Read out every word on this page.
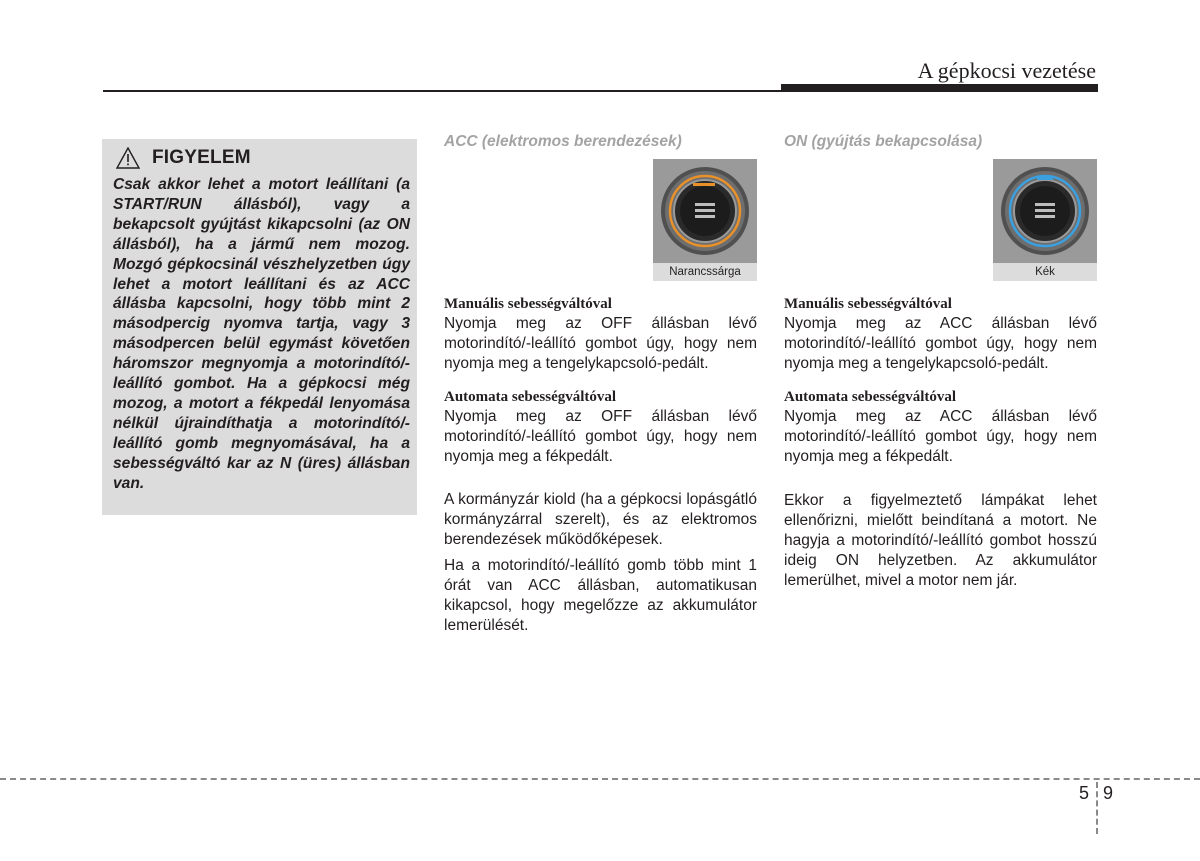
A gépkocsi vezetése
FIGYELEM

Csak akkor lehet a motort leállítani (a START/RUN állásból), vagy a bekapcsolt gyújtást kikapcsolni (az ON állásból), ha a jármű nem mozog. Mozgó gépkocsinál vészhelyzetben úgy lehet a motort leállítani és az ACC állásba kapcsolni, hogy több mint 2 másodpercig nyomva tartja, vagy 3 másodpercen belül egymást követően háromszor megnyomja a motorindító/-leállító gombot. Ha a gépkocsi még mozog, a motort a fékpedál lenyomása nélkül újraindíthatja a motorindító/-leállító gomb megnyomásával, ha a sebességváltó kar az N (üres) állásban van.

ACC (elektromos berendezések)
Narancssárga
Manuális sebességváltóval

Nyomja meg az OFF állásban lévő motorindító/-leállító gombot úgy, hogy nem nyomja meg a tengelykapcsoló-pedált.

Automata sebességváltóval

Nyomja meg az OFF állásban lévő motorindító/-leállító gombot úgy, hogy nem nyomja meg a fékpedált.

A kormányzár kiold (ha a gépkocsi lopásgátló kormányzárral szerelt), és az elektromos berendezések működőképesek.

Ha a motorindító/-leállító gomb több mint 1 órát van ACC állásban, automatikusan kikapcsol, hogy megelőzze az akkumulátor lemerülését.

ON (gyújtás bekapcsolása)
Kék
Manuális sebességváltóval

Nyomja meg az ACC állásban lévő motorindító/-leállító gombot úgy, hogy nem nyomja meg a tengelykapcsoló-pedált.

Automata sebességváltóval

Nyomja meg az ACC állásban lévő motorindító/-leállító gombot úgy, hogy nem nyomja meg a fékpedált.

Ekkor a figyelmeztető lámpákat lehet ellenőrizni, mielőtt beindítaná a motort. Ne hagyja a motorindító/-leállító gombot hosszú ideig ON helyzetben. Az akkumulátor lemerülhet, mivel a motor nem jár.

5 9
